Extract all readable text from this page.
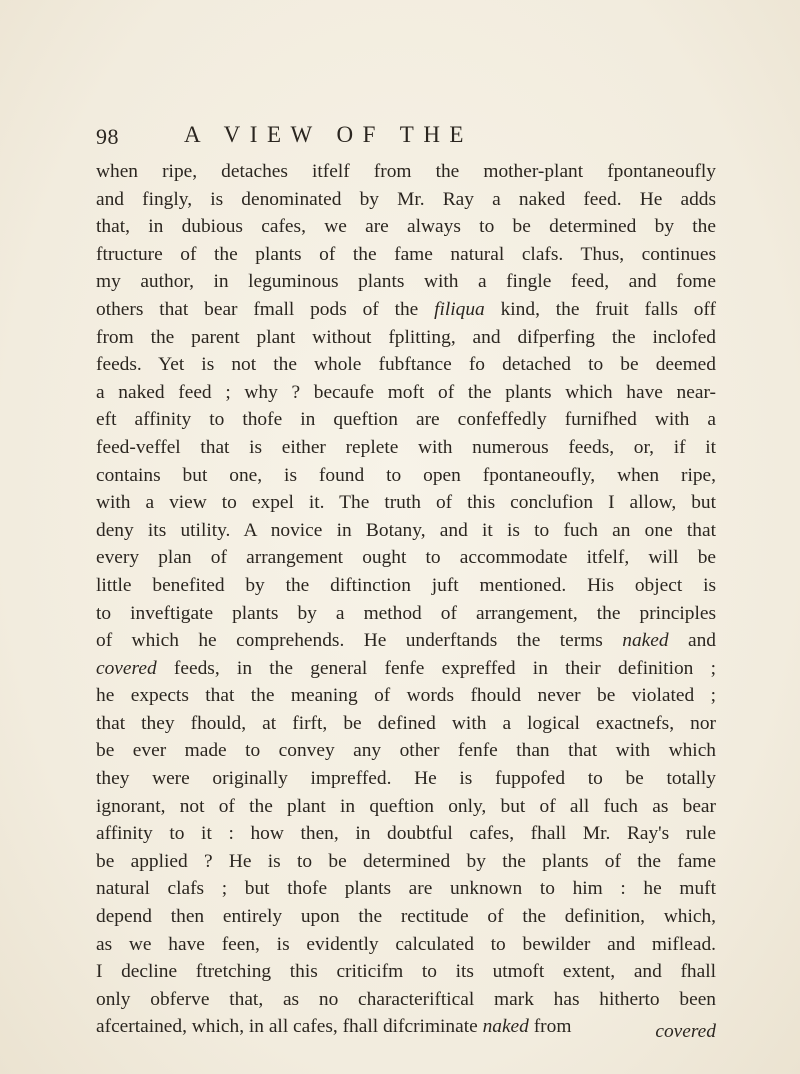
98	A VIEW OF THE
when ripe, detaches itfelf from the mother-plant fpontaneoufly
and fingly, is denominated by Mr. Ray a naked feed. He adds
that, in dubious cafes, we are always to be determined by the
ftructure of the plants of the fame natural clafs. Thus, continues
my author, in leguminous plants with a fingle feed, and fome
others that bear fmall pods of the filiqua kind, the fruit falls off
from the parent plant without fplitting, and difperfing the inclofed
feeds. Yet is not the whole fubftance fo detached to be deemed
a naked feed ; why ? becaufe moft of the plants which have near-
eft affinity to thofe in queftion are confeffedly furnifhed with a
feed-veffel that is either replete with numerous feeds, or, if it
contains but one, is found to open fpontaneoufly, when ripe,
with a view to expel it. The truth of this conclufion I allow, but
deny its utility. A novice in Botany, and it is to fuch an one that
every plan of arrangement ought to accommodate itfelf, will be
little benefited by the diftinction juft mentioned. His object is
to inveftigate plants by a method of arrangement, the principles
of which he comprehends. He underftands the terms naked and
covered feeds, in the general fenfe expreffed in their definition ;
he expects that the meaning of words fhould never be violated ;
that they fhould, at firft, be defined with a logical exactnefs, nor
be ever made to convey any other fenfe than that with which
they were originally impreffed. He is fuppofed to be totally
ignorant, not of the plant in queftion only, but of all fuch as bear
affinity to it : how then, in doubtful cafes, fhall Mr. Ray's rule
be applied ? He is to be determined by the plants of the fame
natural clafs ; but thofe plants are unknown to him : he muft
depend then entirely upon the rectitude of the definition, which,
as we have feen, is evidently calculated to bewilder and miflead.
I decline ftretching this criticifm to its utmoft extent, and fhall
only obferve that, as no characteriftical mark has hitherto been
afcertained, which, in all cafes, fhall difcriminate naked from	covered
